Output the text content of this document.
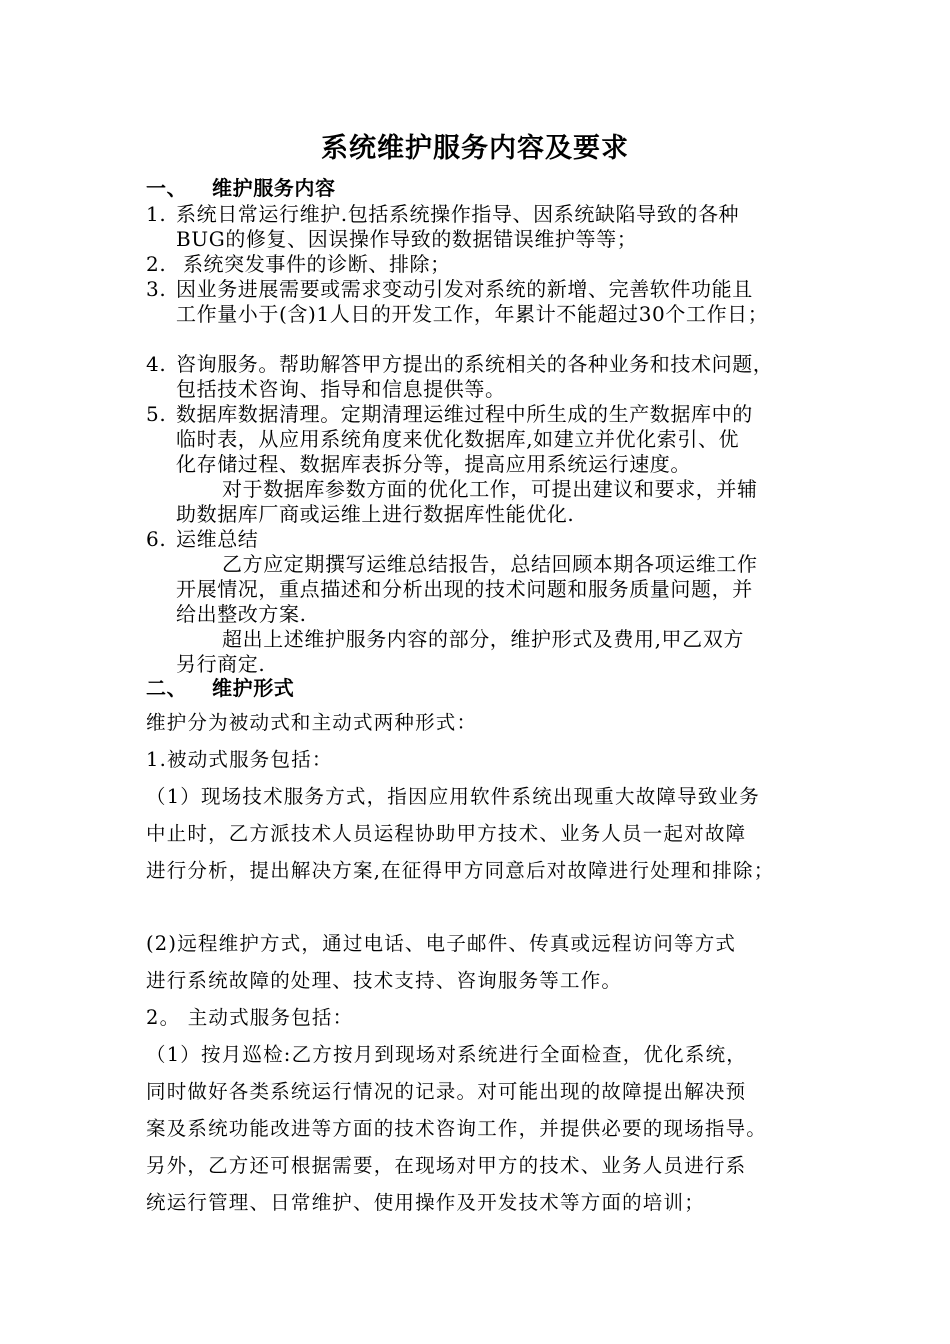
系统维护服务内容及要求
一、 维护服务内容
1. 系统日常运行维护.包括系统操作指导、因系统缺陷导致的各种
BUG的修复、因误操作导致的数据错误维护等等；
2. 系统突发事件的诊断、排除；
3. 因业务进展需要或需求变动引发对系统的新增、完善软件功能且
工作量小于(含)1人日的开发工作，年累计不能超过30个工作日；
4. 咨询服务。帮助解答甲方提出的系统相关的各种业务和技术问题，
包括技术咨询、指导和信息提供等。
5. 数据库数据清理。定期清理运维过程中所生成的生产数据库中的
临时表，从应用系统角度来优化数据库,如建立并优化索引、优
化存储过程、数据库表拆分等，提高应用系统运行速度。
对于数据库参数方面的优化工作，可提出建议和要求，并辅
助数据库厂商或运维上进行数据库性能优化.
6. 运维总结
乙方应定期撰写运维总结报告，总结回顾本期各项运维工作
开展情况，重点描述和分析出现的技术问题和服务质量问题，并
给出整改方案.
超出上述维护服务内容的部分，维护形式及费用,甲乙双方
另行商定.
二、 维护形式
维护分为被动式和主动式两种形式：
1.被动式服务包括：
（1）现场技术服务方式，指因应用软件系统出现重大故障导致业务
中止时，乙方派技术人员运程协助甲方技术、业务人员一起对故障
进行分析，提出解决方案,在征得甲方同意后对故障进行处理和排除；
(2)远程维护方式，通过电话、电子邮件、传真或远程访问等方式
进行系统故障的处理、技术支持、咨询服务等工作。
2。 主动式服务包括：
（1）按月巡检:乙方按月到现场对系统进行全面检查，优化系统，
同时做好各类系统运行情况的记录。对可能出现的故障提出解决预
案及系统功能改进等方面的技术咨询工作，并提供必要的现场指导。
另外，乙方还可根据需要，在现场对甲方的技术、业务人员进行系
统运行管理、日常维护、使用操作及开发技术等方面的培训；
